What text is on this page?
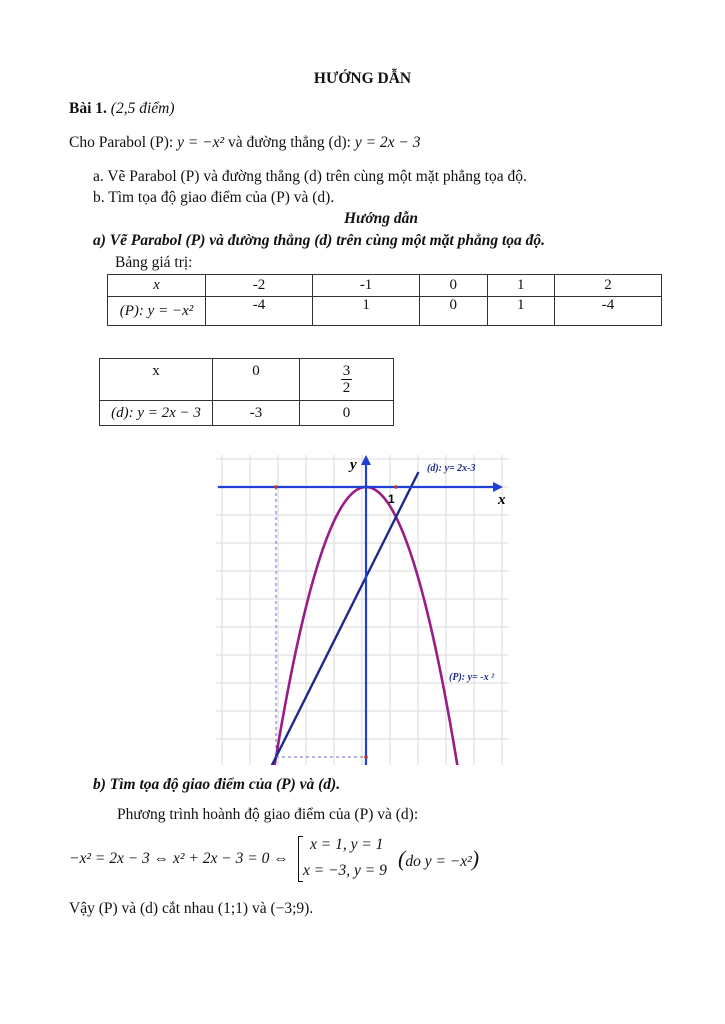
HƯỚNG DẪN
Bài 1. (2,5 điểm)
Cho Parabol (P): y = −x² và đường thẳng (d): y = 2x − 3
a. Vẽ Parabol (P) và đường thẳng (d) trên cùng một mặt phẳng tọa độ.
b. Tìm tọa độ giao điểm của (P) và (d).
Hướng dẫn
a) Vẽ Parabol (P) và đường thẳng (d) trên cùng một mặt phẳng tọa độ.
Bảng giá trị:
x	-2	-1	0	1	2
(P): y = −x²	-4	1	0	1	-4
x	0	$\frac{3}{2}$

(d): y = 2x − 3	-3	0
y
x
1
(d): y= 2x-3
(P): y= -x ²
b) Tìm tọa độ giao điểm của (P) và (d).
Phương trình hoành độ giao điểm của (P) và (d):
−x² = 2x − 3 ⇔ x² + 2x − 3 = 0 ⇔
x = 1, y = 1
x = −3, y = 9 (do y = −x²)
Vậy (P) và (d) cắt nhau (1;1) và (−3;9).
